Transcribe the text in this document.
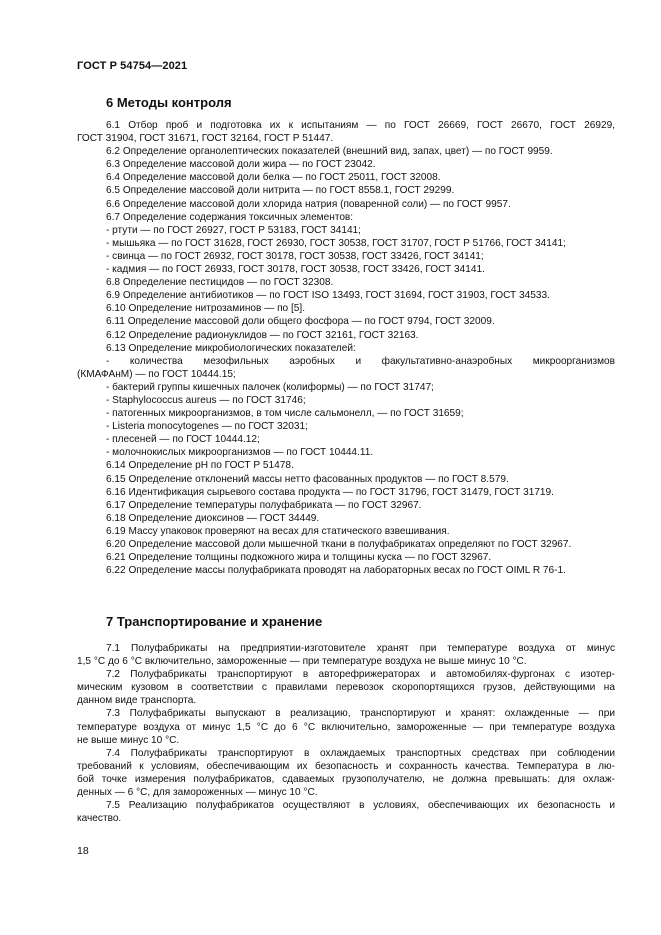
ГОСТ Р 54754—2021
6 Методы контроля
6.1 Отбор проб и подготовка их к испытаниям — по ГОСТ 26669, ГОСТ 26670, ГОСТ 26929,
ГОСТ 31904, ГОСТ 31671, ГОСТ 32164, ГОСТ Р 51447.
6.2 Определение органолептических показателей (внешний вид, запах, цвет) — по ГОСТ 9959.
6.3 Определение массовой доли жира — по ГОСТ 23042.
6.4 Определение массовой доли белка — по ГОСТ 25011, ГОСТ 32008.
6.5 Определение массовой доли нитрита — по ГОСТ 8558.1, ГОСТ 29299.
6.6 Определение массовой доли хлорида натрия (поваренной соли) — по ГОСТ 9957.
6.7 Определение содержания токсичных элементов:
- ртути — по ГОСТ 26927, ГОСТ Р 53183, ГОСТ 34141;
- мышьяка — по ГОСТ 31628, ГОСТ 26930, ГОСТ 30538, ГОСТ 31707, ГОСТ Р 51766, ГОСТ 34141;
- свинца — по ГОСТ 26932, ГОСТ 30178, ГОСТ 30538, ГОСТ 33426, ГОСТ 34141;
- кадмия — по ГОСТ 26933, ГОСТ 30178, ГОСТ 30538, ГОСТ 33426, ГОСТ 34141.
6.8 Определение пестицидов — по ГОСТ 32308.
6.9 Определение антибиотиков — по ГОСТ ISO 13493, ГОСТ 31694, ГОСТ 31903, ГОСТ 34533.
6.10 Определение нитрозаминов — по [5].
6.11 Определение массовой доли общего фосфора — по ГОСТ 9794, ГОСТ 32009.
6.12 Определение радионуклидов — по ГОСТ 32161, ГОСТ 32163.
6.13 Определение микробиологических показателей:
- количества мезофильных аэробных и факультативно-анаэробных микроорганизмов
(КМАФАнМ) — по ГОСТ 10444.15;
- бактерий группы кишечных палочек (колиформы) — по ГОСТ 31747;
- Staphylococcus aureus — по ГОСТ 31746;
- патогенных микроорганизмов, в том числе сальмонелл, — по ГОСТ 31659;
- Listeria monocytogenes — по ГОСТ 32031;
- плесеней — по ГОСТ 10444.12;
- молочнокислых микроорганизмов — по ГОСТ 10444.11.
6.14 Определение рН по ГОСТ Р 51478.
6.15 Определение отклонений массы нетто фасованных продуктов — по ГОСТ 8.579.
6.16 Идентификация сырьевого состава продукта — по ГОСТ 31796, ГОСТ 31479, ГОСТ 31719.
6.17 Определение температуры полуфабриката — по ГОСТ 32967.
6.18 Определение диоксинов — ГОСТ 34449.
6.19 Массу упаковок проверяют на весах для статического взвешивания.
6.20 Определение массовой доли мышечной ткани в полуфабрикатах определяют по ГОСТ 32967.
6.21 Определение толщины подкожного жира и толщины куска — по ГОСТ 32967.
6.22 Определение массы полуфабриката проводят на лабораторных весах по ГОСТ OIML R 76-1.
7 Транспортирование и хранение
7.1 Полуфабрикаты на предприятии-изготовителе хранят при температуре воздуха от минус
1,5 °С до 6 °С включительно, замороженные — при температуре воздуха не выше минус 10 °С.
7.2 Полуфабрикаты транспортируют в авторефрижераторах и автомобилях-фургонах с изотер-
мическим кузовом в соответствии с правилами перевозок скоропортящихся грузов, действующими на
данном виде транспорта.
7.3 Полуфабрикаты выпускают в реализацию, транспортируют и хранят: охлажденные — при
температуре воздуха от минус 1,5 °С до 6 °С включительно, замороженные — при температуре воздуха
не выше минус 10 °С.
7.4 Полуфабрикаты транспортируют в охлаждаемых транспортных средствах при соблюдении
требований к условиям, обеспечивающим их безопасность и сохранность качества. Температура в лю-
бой точке измерения полуфабрикатов, сдаваемых грузополучателю, не должна превышать: для охлаж-
денных — 6 °С, для замороженных — минус 10 °С.
7.5 Реализацию полуфабрикатов осуществляют в условиях, обеспечивающих их безопасность и
качество.
18
